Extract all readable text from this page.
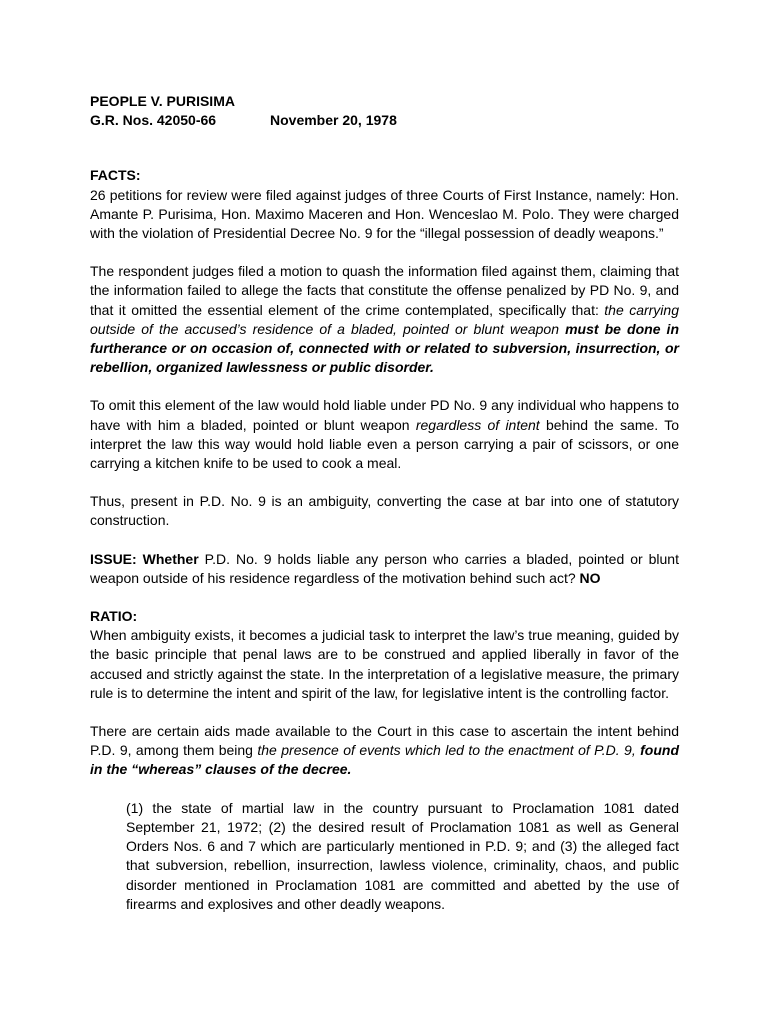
PEOPLE V. PURISIMA
G.R. Nos. 42050-66	November 20, 1978
FACTS:

26 petitions for review were filed against judges of three Courts of First Instance, namely: Hon. Amante P. Purisima, Hon. Maximo Maceren and Hon. Wenceslao M. Polo. They were charged with the violation of Presidential Decree No. 9 for the “illegal possession of deadly weapons.”

The respondent judges filed a motion to quash the information filed against them, claiming that the information failed to allege the facts that constitute the offense penalized by PD No. 9, and that it omitted the essential element of the crime contemplated, specifically that: the carrying outside of the accused’s residence of a bladed, pointed or blunt weapon must be done in furtherance or on occasion of, connected with or related to subversion, insurrection, or rebellion, organized lawlessness or public disorder.

To omit this element of the law would hold liable under PD No. 9 any individual who happens to have with him a bladed, pointed or blunt weapon regardless of intent behind the same. To interpret the law this way would hold liable even a person carrying a pair of scissors, or one carrying a kitchen knife to be used to cook a meal.

Thus, present in P.D. No. 9 is an ambiguity, converting the case at bar into one of statutory construction.

ISSUE: Whether P.D. No. 9 holds liable any person who carries a bladed, pointed or blunt weapon outside of his residence regardless of the motivation behind such act? NO

RATIO:

When ambiguity exists, it becomes a judicial task to interpret the law’s true meaning, guided by the basic principle that penal laws are to be construed and applied liberally in favor of the accused and strictly against the state. In the interpretation of a legislative measure, the primary rule is to determine the intent and spirit of the law, for legislative intent is the controlling factor.

There are certain aids made available to the Court in this case to ascertain the intent behind P.D. 9, among them being the presence of events which led to the enactment of P.D. 9, found in the “whereas” clauses of the decree.

(1) the state of martial law in the country pursuant to Proclamation 1081 dated September 21, 1972; (2) the desired result of Proclamation 1081 as well as General Orders Nos. 6 and 7 which are particularly mentioned in P.D. 9; and (3) the alleged fact that subversion, rebellion, insurrection, lawless violence, criminality, chaos, and public disorder mentioned in Proclamation 1081 are committed and abetted by the use of firearms and explosives and other deadly weapons.
